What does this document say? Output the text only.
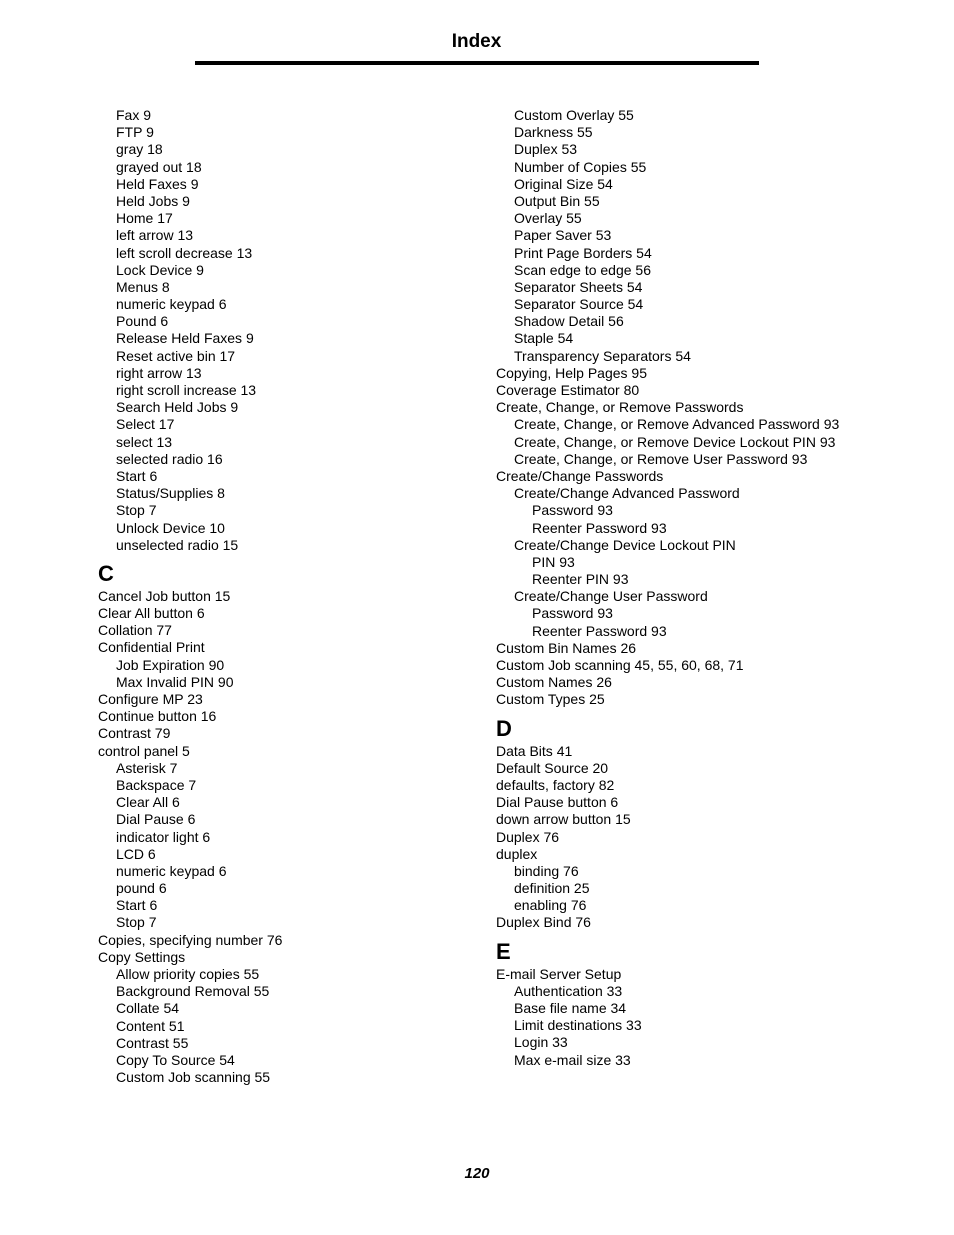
Index
Fax 9
FTP 9
gray 18
grayed out 18
Held Faxes 9
Held Jobs 9
Home 17
left arrow 13
left scroll decrease 13
Lock Device 9
Menus 8
numeric keypad 6
Pound 6
Release Held Faxes 9
Reset active bin 17
right arrow 13
right scroll increase 13
Search Held Jobs 9
Select 17
select 13
selected radio 16
Start 6
Status/Supplies 8
Stop 7
Unlock Device 10
unselected radio 15
C
Cancel Job button 15
Clear All button 6
Collation 77
Confidential Print
Job Expiration 90
Max Invalid PIN 90
Configure MP 23
Continue button 16
Contrast 79
control panel 5
Asterisk 7
Backspace 7
Clear All 6
Dial Pause 6
indicator light 6
LCD 6
numeric keypad 6
pound 6
Start 6
Stop 7
Copies, specifying number 76
Copy Settings
Allow priority copies 55
Background Removal 55
Collate 54
Content 51
Contrast 55
Copy To Source 54
Custom Job scanning 55
Custom Overlay 55
Darkness 55
Duplex 53
Number of Copies 55
Original Size 54
Output Bin 55
Overlay 55
Paper Saver 53
Print Page Borders 54
Scan edge to edge 56
Separator Sheets 54
Separator Source 54
Shadow Detail 56
Staple 54
Transparency Separators 54
Copying, Help Pages 95
Coverage Estimator 80
Create, Change, or Remove Passwords
Create, Change, or Remove Advanced Password 93
Create, Change, or Remove Device Lockout PIN 93
Create, Change, or Remove User Password 93
Create/Change Passwords
Create/Change Advanced Password
Password 93
Reenter Password 93
Create/Change Device Lockout PIN
PIN 93
Reenter PIN 93
Create/Change User Password
Password 93
Reenter Password 93
Custom Bin Names 26
Custom Job scanning 45, 55, 60, 68, 71
Custom Names 26
Custom Types 25
D
Data Bits 41
Default Source 20
defaults, factory 82
Dial Pause button 6
down arrow button 15
Duplex 76
duplex
binding 76
definition 25
enabling 76
Duplex Bind 76
E
E-mail Server Setup
Authentication 33
Base file name 34
Limit destinations 33
Login 33
Max e-mail size 33
120
